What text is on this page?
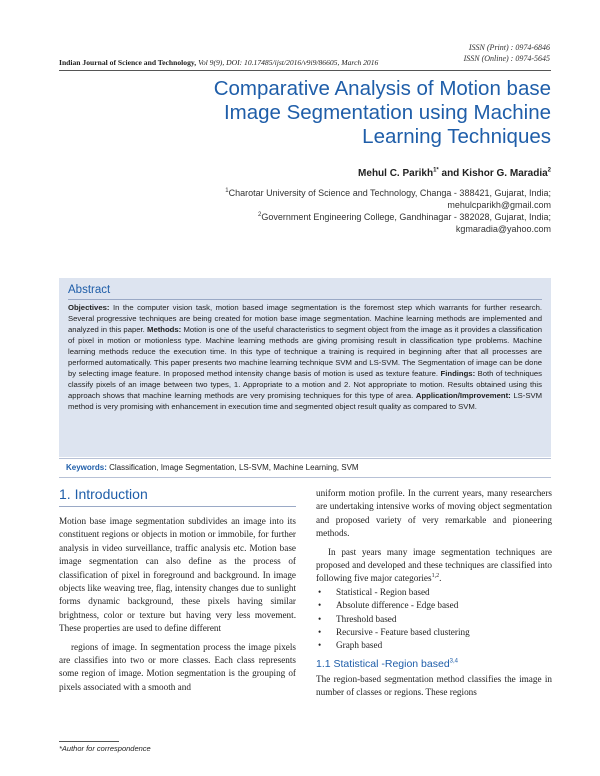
ISSN (Print) : 0974-6846
ISSN (Online) : 0974-5645
Indian Journal of Science and Technology, Vol 9(9), DOI: 10.17485/ijst/2016/v9i9/86605, March 2016
Comparative Analysis of Motion base
Image Segmentation using Machine
Learning Techniques
Mehul C. Parikh$^{1*}$ and Kishor G. Maradia$^2$
$^1$Charotar University of Science and Technology, Changa - 388421, Gujarat, India;
mehulcparikh@gmail.com
$^2$Government Engineering College, Gandhinagar - 382028, Gujarat, India;
kgmaradia@yahoo.com
Abstract
Objectives: In the computer vision task, motion based image segmentation is the foremost step which warrants for further research. Several progressive techniques are being created for motion base image segmentation. Machine learning methods are implemented and analyzed in this paper. Methods: Motion is one of the useful characteristics to segment object from the image as it provides a classification of pixel in motion or motionless type. Machine learning methods are giving promising result in classification type problems. Machine learning methods reduce the execution time. In this type of technique a training is required in beginning after that all processes are performed automatically. This paper presents two machine learning technique SVM and LS-SVM. The Segmentation of image can be done by selecting image feature. In proposed method intensity change basis of motion is used as texture feature. Findings: Both of techniques classify pixels of an image between two types, 1. Appropriate to a motion and 2. Not appropriate to motion. Results obtained using this approach shows that machine learning methods are very promising techniques for this type of area. Application/Improvement: LS-SVM method is very promising with enhancement in execution time and segmented object result quality as compared to SVM.
Keywords: Classification, Image Segmentation, LS-SVM, Machine Learning, SVM
1. Introduction

Motion base image segmentation subdivides an image into its constituent regions or objects in motion or immobile, for further analysis in video surveillance, traffic analysis etc. Motion base image segmentation can also define as the process of classification of pixel in foreground and background. In image objects like weaving tree, flag, intensity changes due to sunlight forms dynamic background, these pixels having similar brightness, color or texture but having very less movement. These properties are used to define different

regions of image. In segmentation process the image pixels are classifies into two or more classes. Each class represents some region of image. Motion segmentation is the grouping of pixels associated with a smooth and

uniform motion profile. In the current years, many researchers are undertaking intensive works of moving object segmentation and proposed variety of very remarkable and pioneering methods.

In past years many image segmentation techniques are proposed and developed and these techniques are classified into following five major categories$^{1,2}$.

• Statistical - Region based
• Absolute difference - Edge based
• Threshold based
• Recursive - Feature based clustering
• Graph based
1.1 Statistical -Region based$^{3,4}$
The region-based segmentation method classifies the image in number of classes or regions. These regions
*Author for correspondence
